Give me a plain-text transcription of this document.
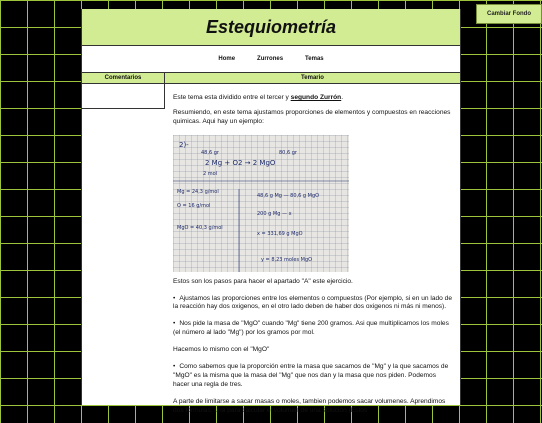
Cambiar Fondo
Estequiometría
Home	Zurrones	Temas
Comentarios	Temario

Este tema esta dividido entre el tercer y segundo Zurrón.

Resumiendo, en este tema ajustamos proporciones de elementos y compuestos en reacciones quimicas. Aqui hay un ejemplo:

2)-
48,6 gr	80,6 gr
2 Mg + O2 → 2 MgO
2 mol
Mg = 24,3 g/mol
O = 16 g/mol
MgO = 40,3 g/mol
48,6 g Mg — 80,6 g MgO
200 g Mg — x
x = 331,69 g MgO
y = 8,23 moles MgO

Estos son los pasos para hacer el apartado "A" este ejercicio.

• Ajustamos las proporciones entre los elementos o compuestos (Por ejemplo, si en un lado de la reacción hay dos oxigenos, en el otro lado deben de haber dos oxigenos ni más ni menos).

• Nos pide la masa de "MgO" cuando "Mg" tiene 200 gramos. Asi que multiplicamos los moles (el número al lado "Mg") por los gramos por mol.

Hacemos lo mismo con el "MgO"

• Como sabemos que la proporción entre la masa que sacamos de "Mg" y la que sacamos de "MgO" es la misma que la masa del "Mg" que nos dan y la masa que nos piden. Podemos hacer una regla de tres.

A parte de limitarse a sacar masas o moles, tambien podemos sacar volumenes. Aprendimos dos formulas, una para calcular el volumen de una solución (Estos
